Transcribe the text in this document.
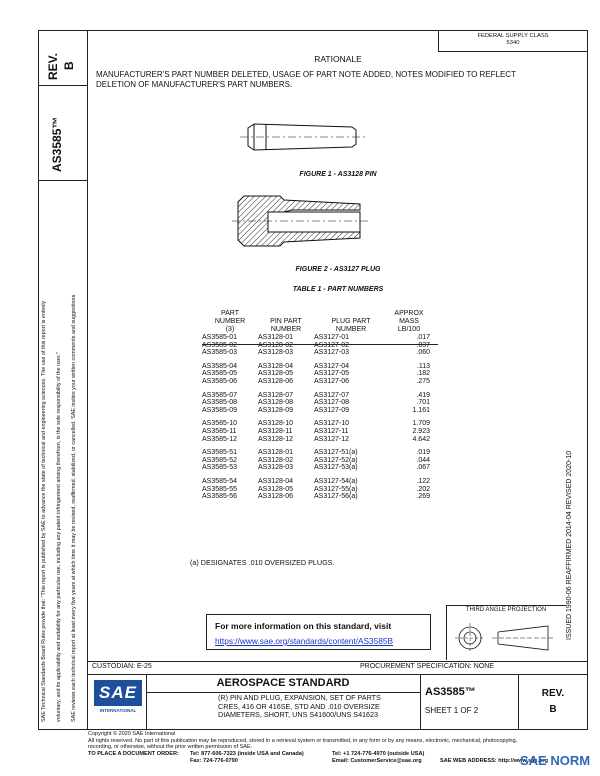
REV. B
AS3585™
SAE Technical Standards Board Rules provide that: "This report is published by SAE to advance the state of technical and engineering sciences. The use of this report is entirely voluntary, and its applicability and suitability for any particular use, including any patent infringement arising therefrom, is the sole responsibility of the user." SAE reviews each technical report at least every five years at which time it may be revised, reaffirmed, stabilized, or cancelled. SAE invites your written comments and suggestions.
FEDERAL SUPPLY CLASS
5340
RATIONALE
MANUFACTURER'S PART NUMBER DELETED, USAGE OF PART NOTE ADDED, NOTES MODIFIED TO REFLECT
DELETION OF MANUFACTURER'S PART NUMBERS.
FIGURE 1 - AS3128 PIN
FIGURE 2 - AS3127 PLUG
TABLE 1 - PART NUMBERS
PART			APPROX
NUMBER	PIN PART	PLUG PART	MASS
(3)	NUMBER	NUMBER	LB/100
AS3585-01	AS3128-01	AS3127-01	.017
AS3585-02	AS3128-02	AS3127-02	.037
AS3585-03	AS3128-03	AS3127-03	.060

AS3585-04	AS3128-04	AS3127-04	.113
AS3585-05	AS3128-05	AS3127-05	.182
AS3585-06	AS3128-06	AS3127-06	.275

AS3585-07	AS3128-07	AS3127-07	.419
AS3585-08	AS3128-08	AS3127-08	.701
AS3585-09	AS3128-09	AS3127-09	1.161

AS3585-10	AS3128-10	AS3127-10	1.709
AS3585-11	AS3128-11	AS3127-11	2.923
AS3585-12	AS3128-12	AS3127-12	4.642

AS3585-51	AS3128-01	AS3127-51(a)	.019
AS3585-52	AS3128-02	AS3127-52(a)	.044
AS3585-53	AS3128-03	AS3127-53(a)	.067

AS3585-54	AS3128-04	AS3127-54(a)	.122
AS3585-55	AS3128-05	AS3127-55(a)	.202
AS3585-56	AS3128-06	AS3127-56(a)	.269
(a) DESIGNATES .010 OVERSIZED PLUGS.	ISSUED 1990-06 REAFFIRMED 2014-04 REVISED 2020-10
For more information on this standard, visit
https://www.sae.org/standards/content/AS3585B
THIRD ANGLE PROJECTION
CUSTODIAN: E-25	PROCUREMENT SPECIFICATION: NONE
SAE
INTERNATIONAL
AEROSPACE STANDARD
(R) PIN AND PLUG, EXPANSION, SET OF PARTS
CRES, 416 OR 416SE, STD AND .010 OVERSIZE
DIAMETERS, SHORT, UNS S41600/UNS S41623
AS3585™
SHEET 1 OF 2
REV.
B
Copyright © 2020 SAE International
All rights reserved. No part of this publication may be reproduced, stored in a retrieval system or transmitted, in any form or by any means, electronic, mechanical, photocopying,
recording, or otherwise, without the prior written permission of SAE.
TO PLACE A DOCUMENT ORDER: Tel: 877-606-7323 (inside USA and Canada)
Fax: 724-776-0790
Tel: +1 724-776-4970 (outside USA)
Email: CustomerService@sae.org	SAE WEB ADDRESS: http://www.sae.org
SAE NORM
